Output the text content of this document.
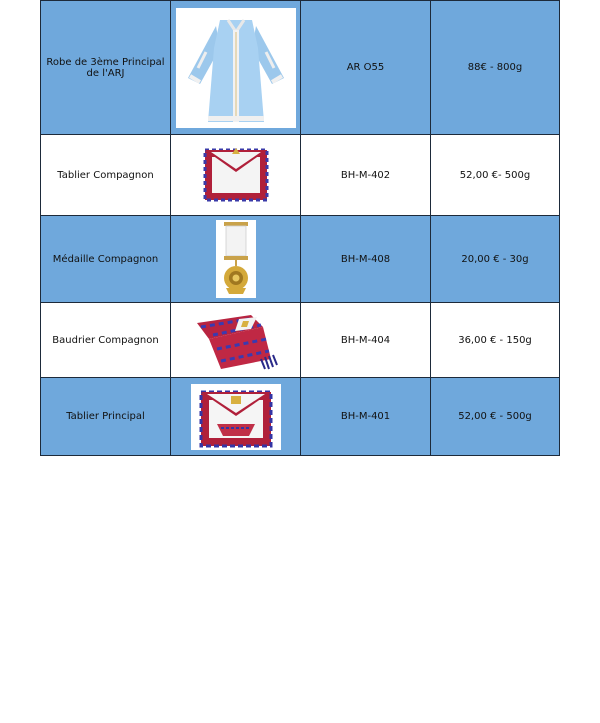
Robe de 3ème Principal de l'ARJ		AR O55	88€ - 800g
Tablier Compagnon		BH-M-402	52,00 €- 500g
Médaille Compagnon		BH-M-408	20,00 € - 30g
Baudrier Compagnon		BH-M-404	36,00 € - 150g
Tablier Principal		BH-M-401	52,00 € - 500g
